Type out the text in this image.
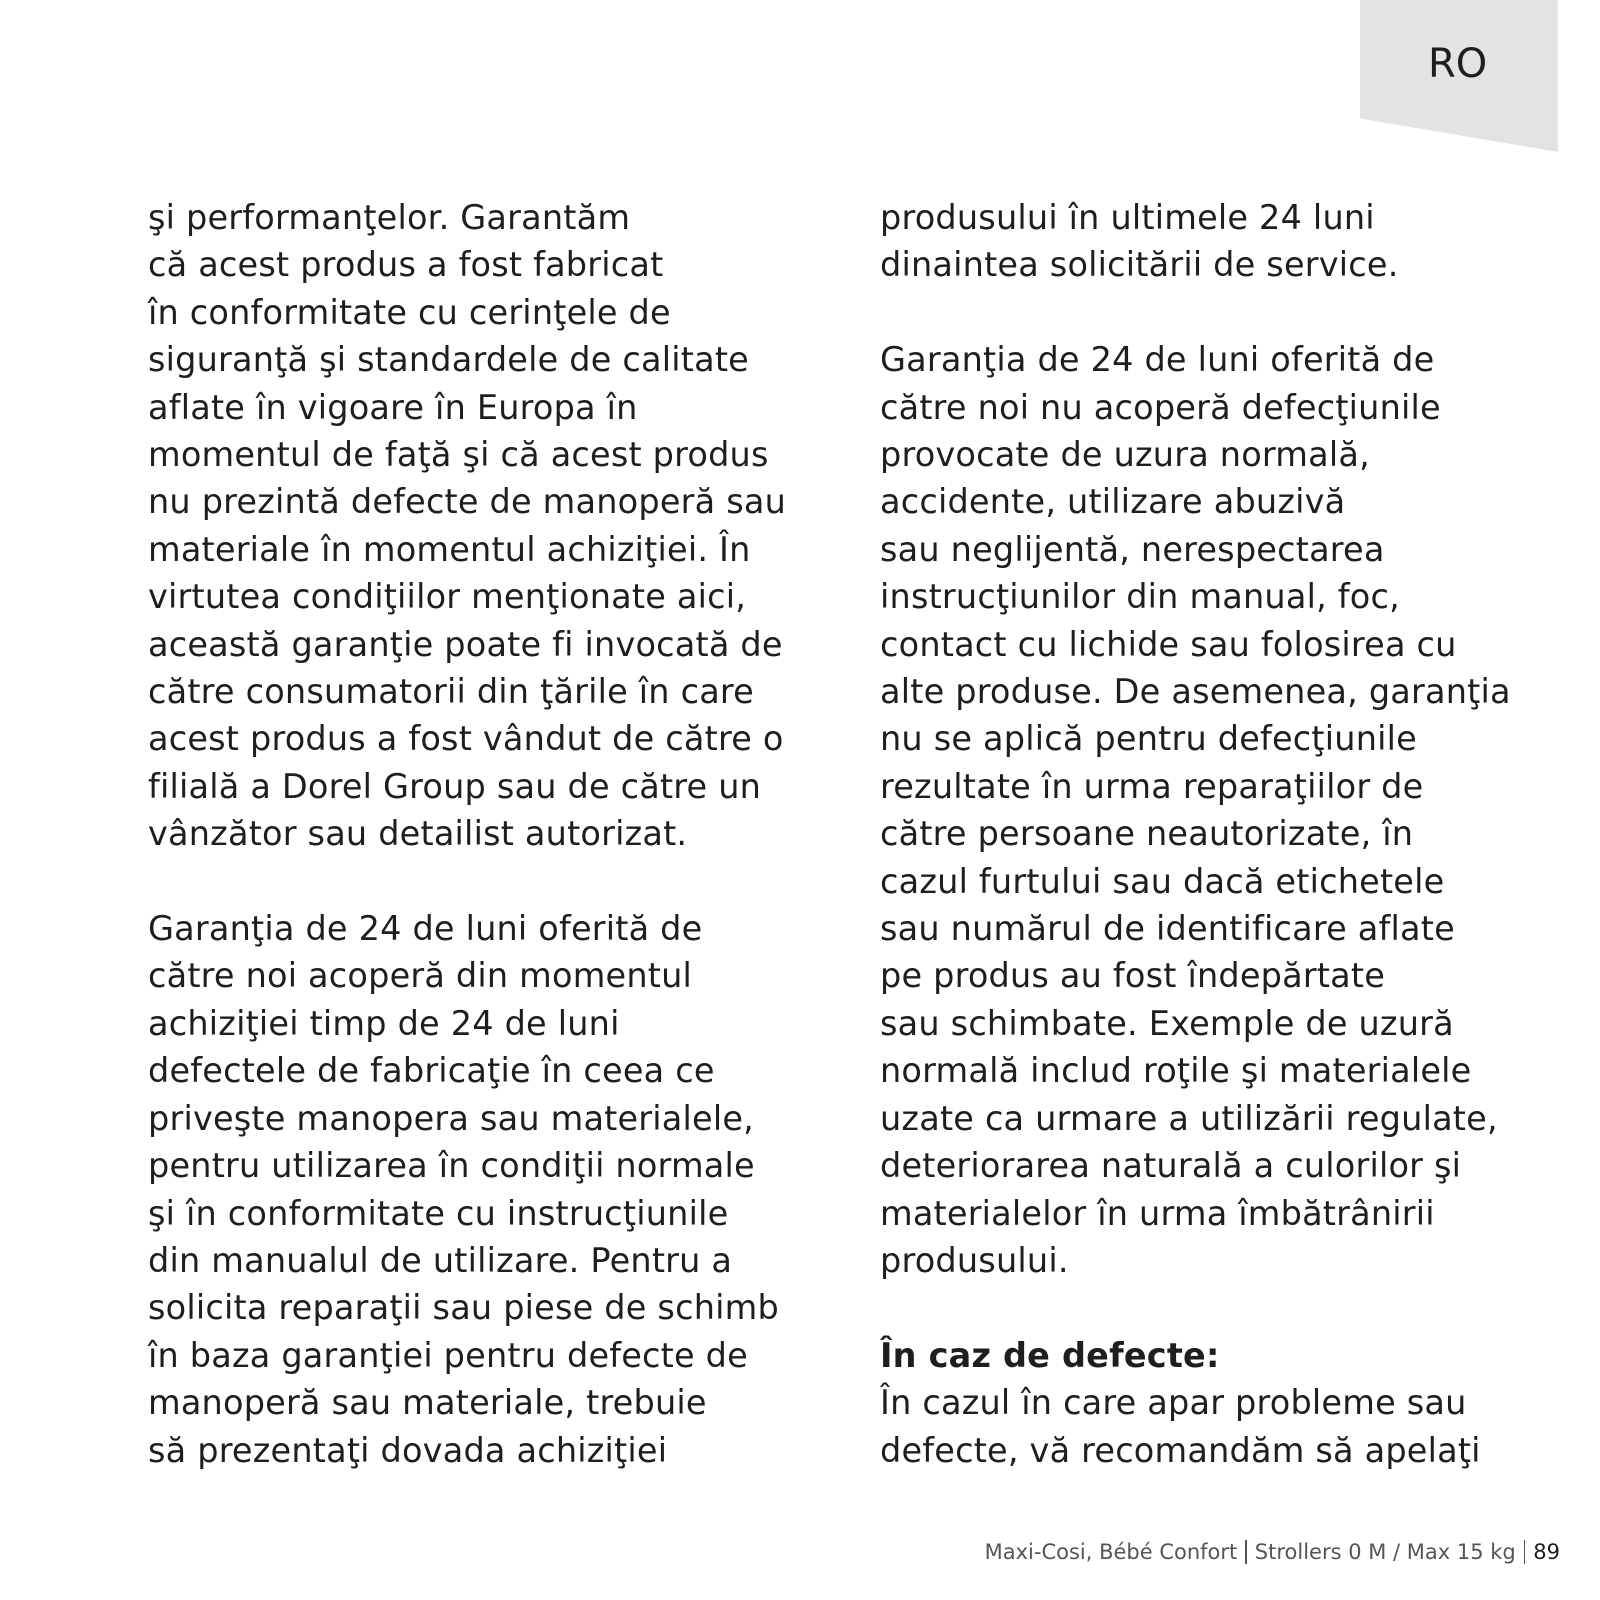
RO
şi performanţelor. Garantăm
că acest produs a fost fabricat
în conformitate cu cerinţele de
siguranţă şi standardele de calitate
aflate în vigoare în Europa în
momentul de faţă şi că acest produs
nu prezintă defecte de manoperă sau
materiale în momentul achiziţiei. În
virtutea condiţiilor menţionate aici,
această garanţie poate fi invocată de
către consumatorii din ţările în care
acest produs a fost vândut de către o
filială a Dorel Group sau de către un
vânzător sau detailist autorizat.
Garanţia de 24 de luni oferită de
către noi acoperă din momentul
achiziţiei timp de 24 de luni
defectele de fabricaţie în ceea ce
priveşte manopera sau materialele,
pentru utilizarea în condiţii normale
şi în conformitate cu instrucţiunile
din manualul de utilizare. Pentru a
solicita reparaţii sau piese de schimb
în baza garanţiei pentru defecte de
manoperă sau materiale, trebuie
să prezentaţi dovada achiziţiei
produsului în ultimele 24 luni
dinaintea solicitării de service.
Garanţia de 24 de luni oferită de
către noi nu acoperă defecţiunile
provocate de uzura normală,
accidente, utilizare abuzivă
sau neglijentă, nerespectarea
instrucţiunilor din manual, foc,
contact cu lichide sau folosirea cu
alte produse. De asemenea, garanţia
nu se aplică pentru defecţiunile
rezultate în urma reparaţiilor de
către persoane neautorizate, în
cazul furtului sau dacă etichetele
sau numărul de identificare aflate
pe produs au fost îndepărtate
sau schimbate. Exemple de uzură
normală includ roţile şi materialele
uzate ca urmare a utilizării regulate,
deteriorarea naturală a culorilor şi
materialelor în urma îmbătrânirii
produsului.
În caz de defecte:
În cazul în care apar probleme sau
defecte, vă recomandăm să apelaţi
Maxi-Cosi, Bébé Confort Strollers 0 M / Max 15 kg 89
